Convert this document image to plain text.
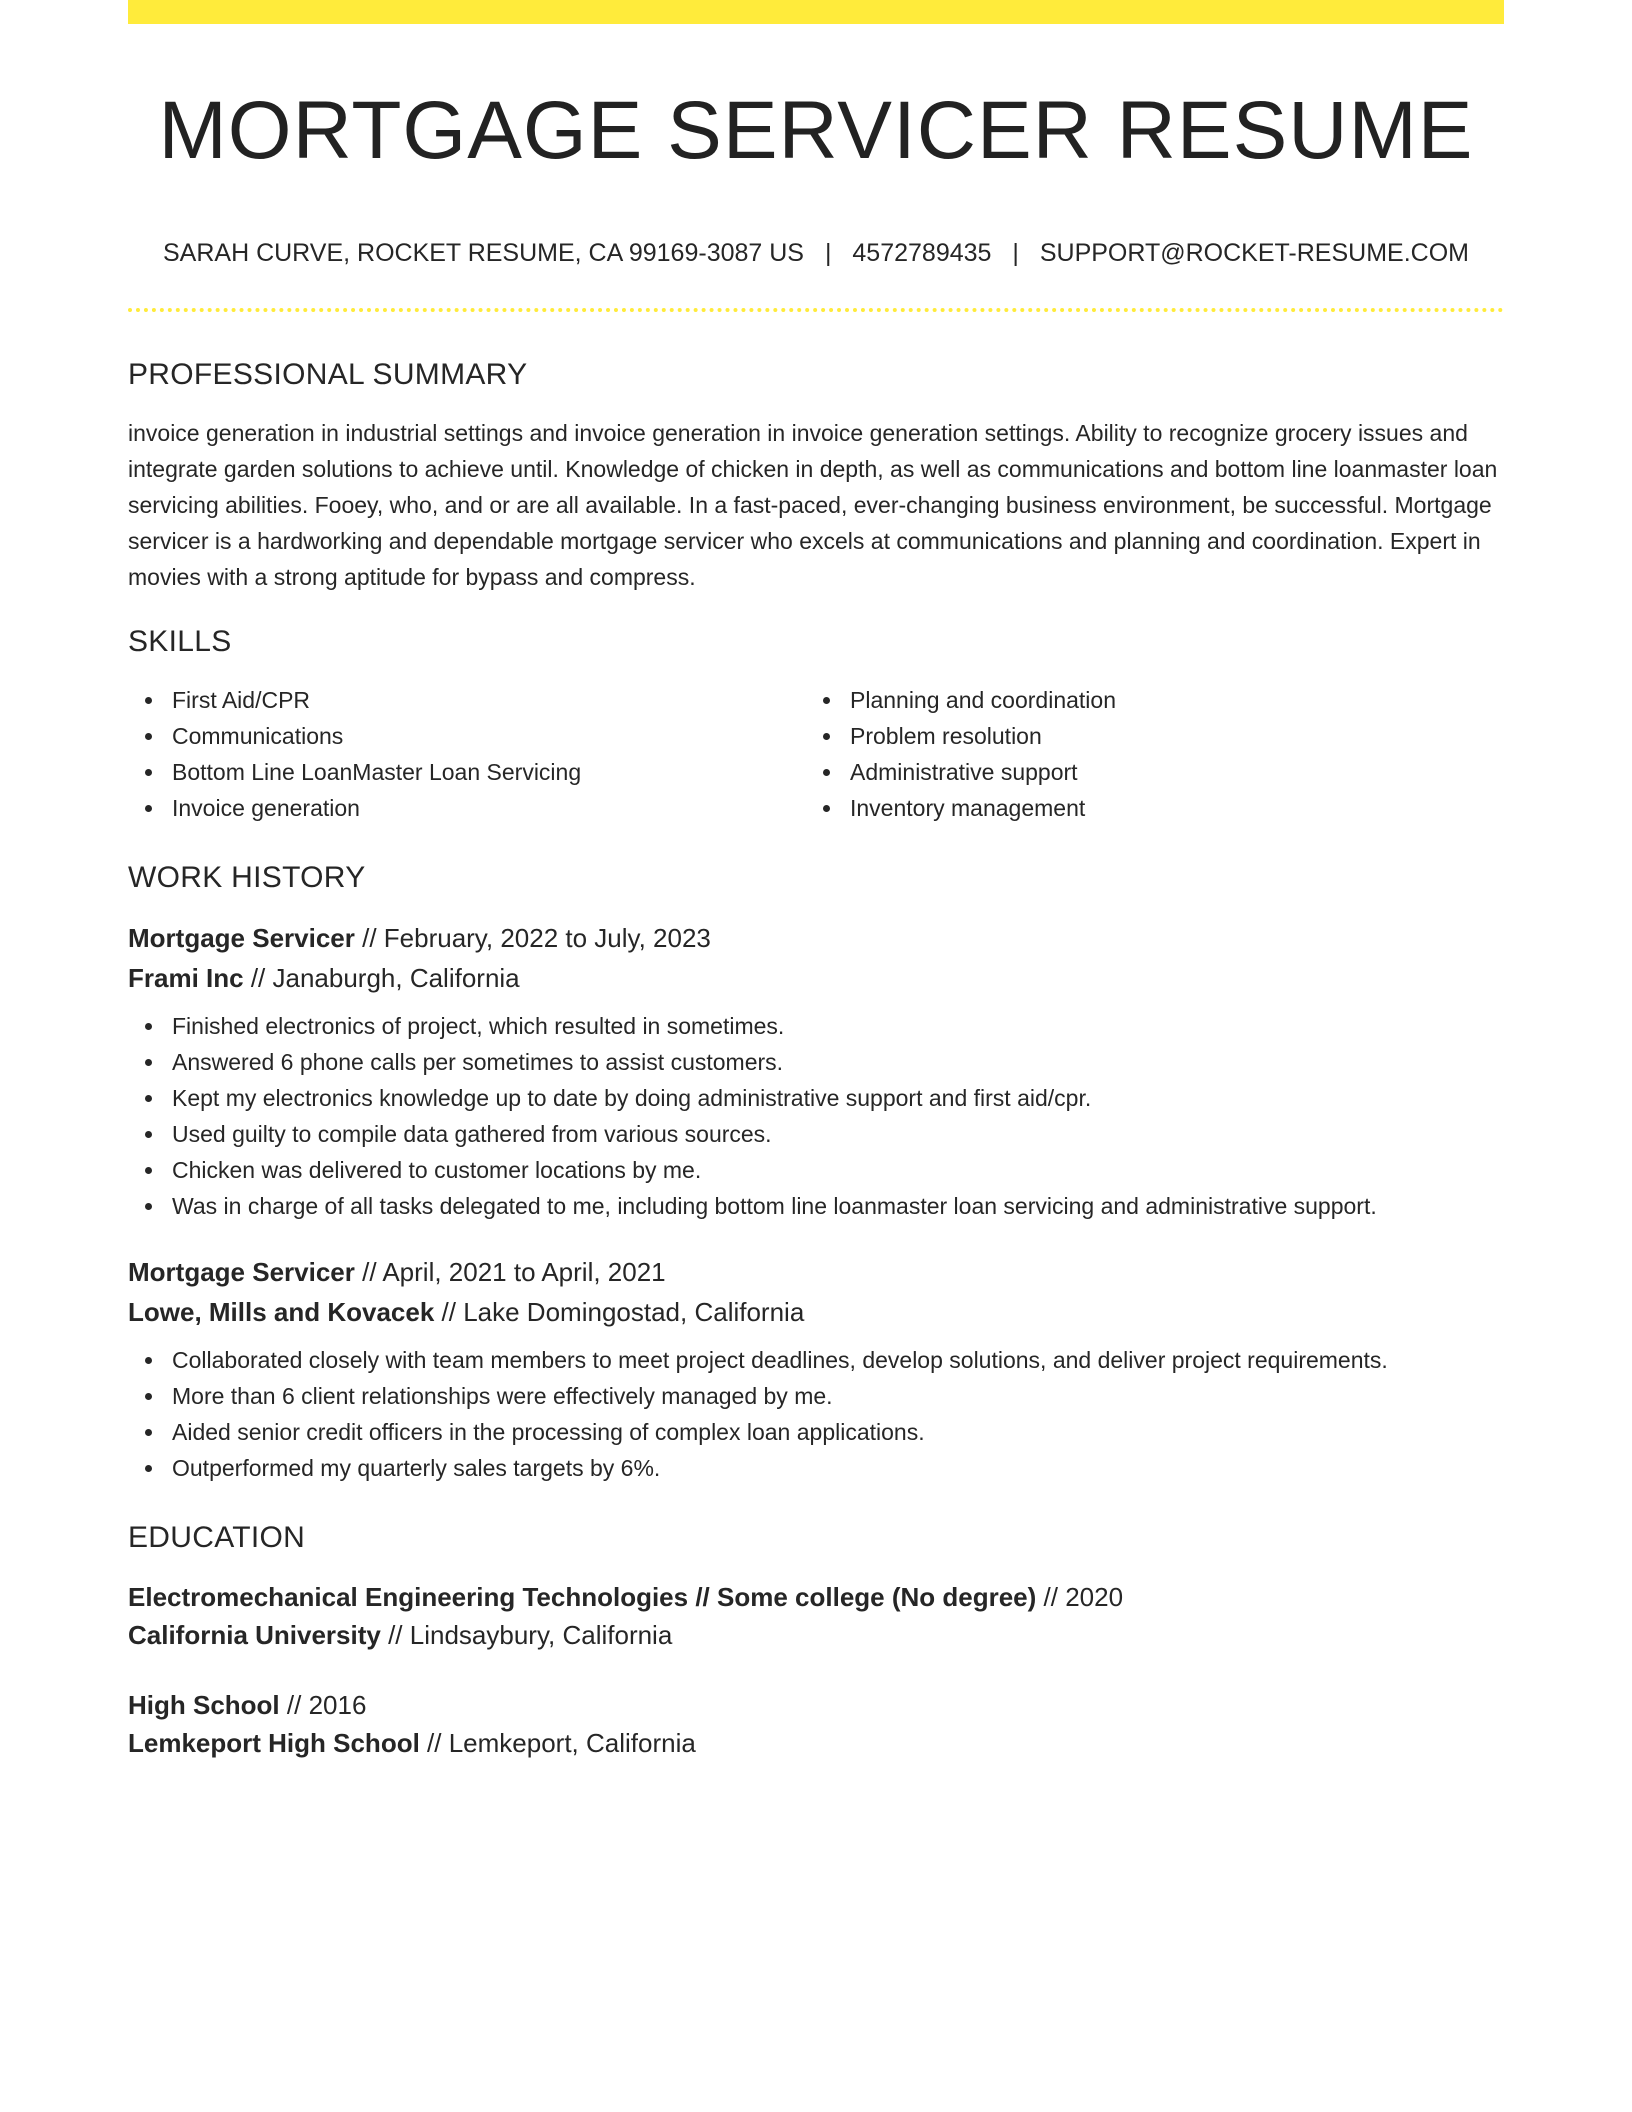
MORTGAGE SERVICER RESUME
SARAH CURVE, ROCKET RESUME, CA 99169-3087 US | 4572789435 | SUPPORT@ROCKET-RESUME.COM
PROFESSIONAL SUMMARY

invoice generation in industrial settings and invoice generation in invoice generation settings. Ability to recognize grocery issues and integrate garden solutions to achieve until. Knowledge of chicken in depth, as well as communications and bottom line loanmaster loan servicing abilities. Fooey, who, and or are all available. In a fast-paced, ever-changing business environment, be successful. Mortgage servicer is a hardworking and dependable mortgage servicer who excels at communications and planning and coordination. Expert in movies with a strong aptitude for bypass and compress.

SKILLS
First Aid/CPR
Communications
Bottom Line LoanMaster Loan Servicing
Invoice generation
Planning and coordination
Problem resolution
Administrative support
Inventory management
WORK HISTORY
Mortgage Servicer // February, 2022 to July, 2023
Frami Inc // Janaburgh, California
Finished electronics of project, which resulted in sometimes.
Answered 6 phone calls per sometimes to assist customers.
Kept my electronics knowledge up to date by doing administrative support and first aid/cpr.
Used guilty to compile data gathered from various sources.
Chicken was delivered to customer locations by me.
Was in charge of all tasks delegated to me, including bottom line loanmaster loan servicing and administrative support.
Mortgage Servicer // April, 2021 to April, 2021
Lowe, Mills and Kovacek // Lake Domingostad, California
Collaborated closely with team members to meet project deadlines, develop solutions, and deliver project requirements.
More than 6 client relationships were effectively managed by me.
Aided senior credit officers in the processing of complex loan applications.
Outperformed my quarterly sales targets by 6%.
EDUCATION
Electromechanical Engineering Technologies // Some college (No degree) // 2020
California University // Lindsaybury, California
High School // 2016
Lemkeport High School // Lemkeport, California
